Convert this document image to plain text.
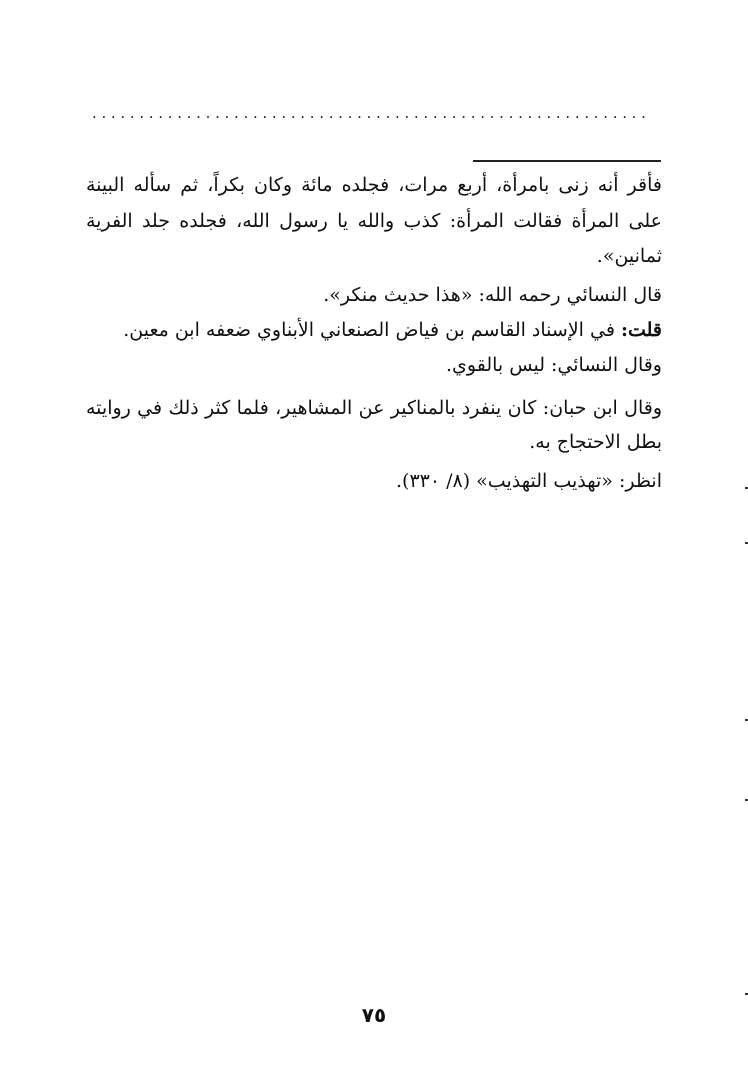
...........................................................

فأقر أنه زنى بامرأة، أربع مرات، فجلده مائة وكان بكراً، ثم سأله البينة على المرأة فقالت المرأة: كذب والله يا رسول الله، فجلده جلد الفرية ثمانين».

قال النسائي رحمه الله: «هذا حديث منكر».

قلت: في الإسناد القاسم بن فياض الصنعاني الأبناوي ضعفه ابن معين.

وقال النسائي: ليس بالقوي.

وقال ابن حبان: كان ينفرد بالمناكير عن المشاهير، فلما كثر ذلك في روايته بطل الاحتجاج به.

انظر: «تهذيب التهذيب» (٨/ ٣٣٠).

٧٥
